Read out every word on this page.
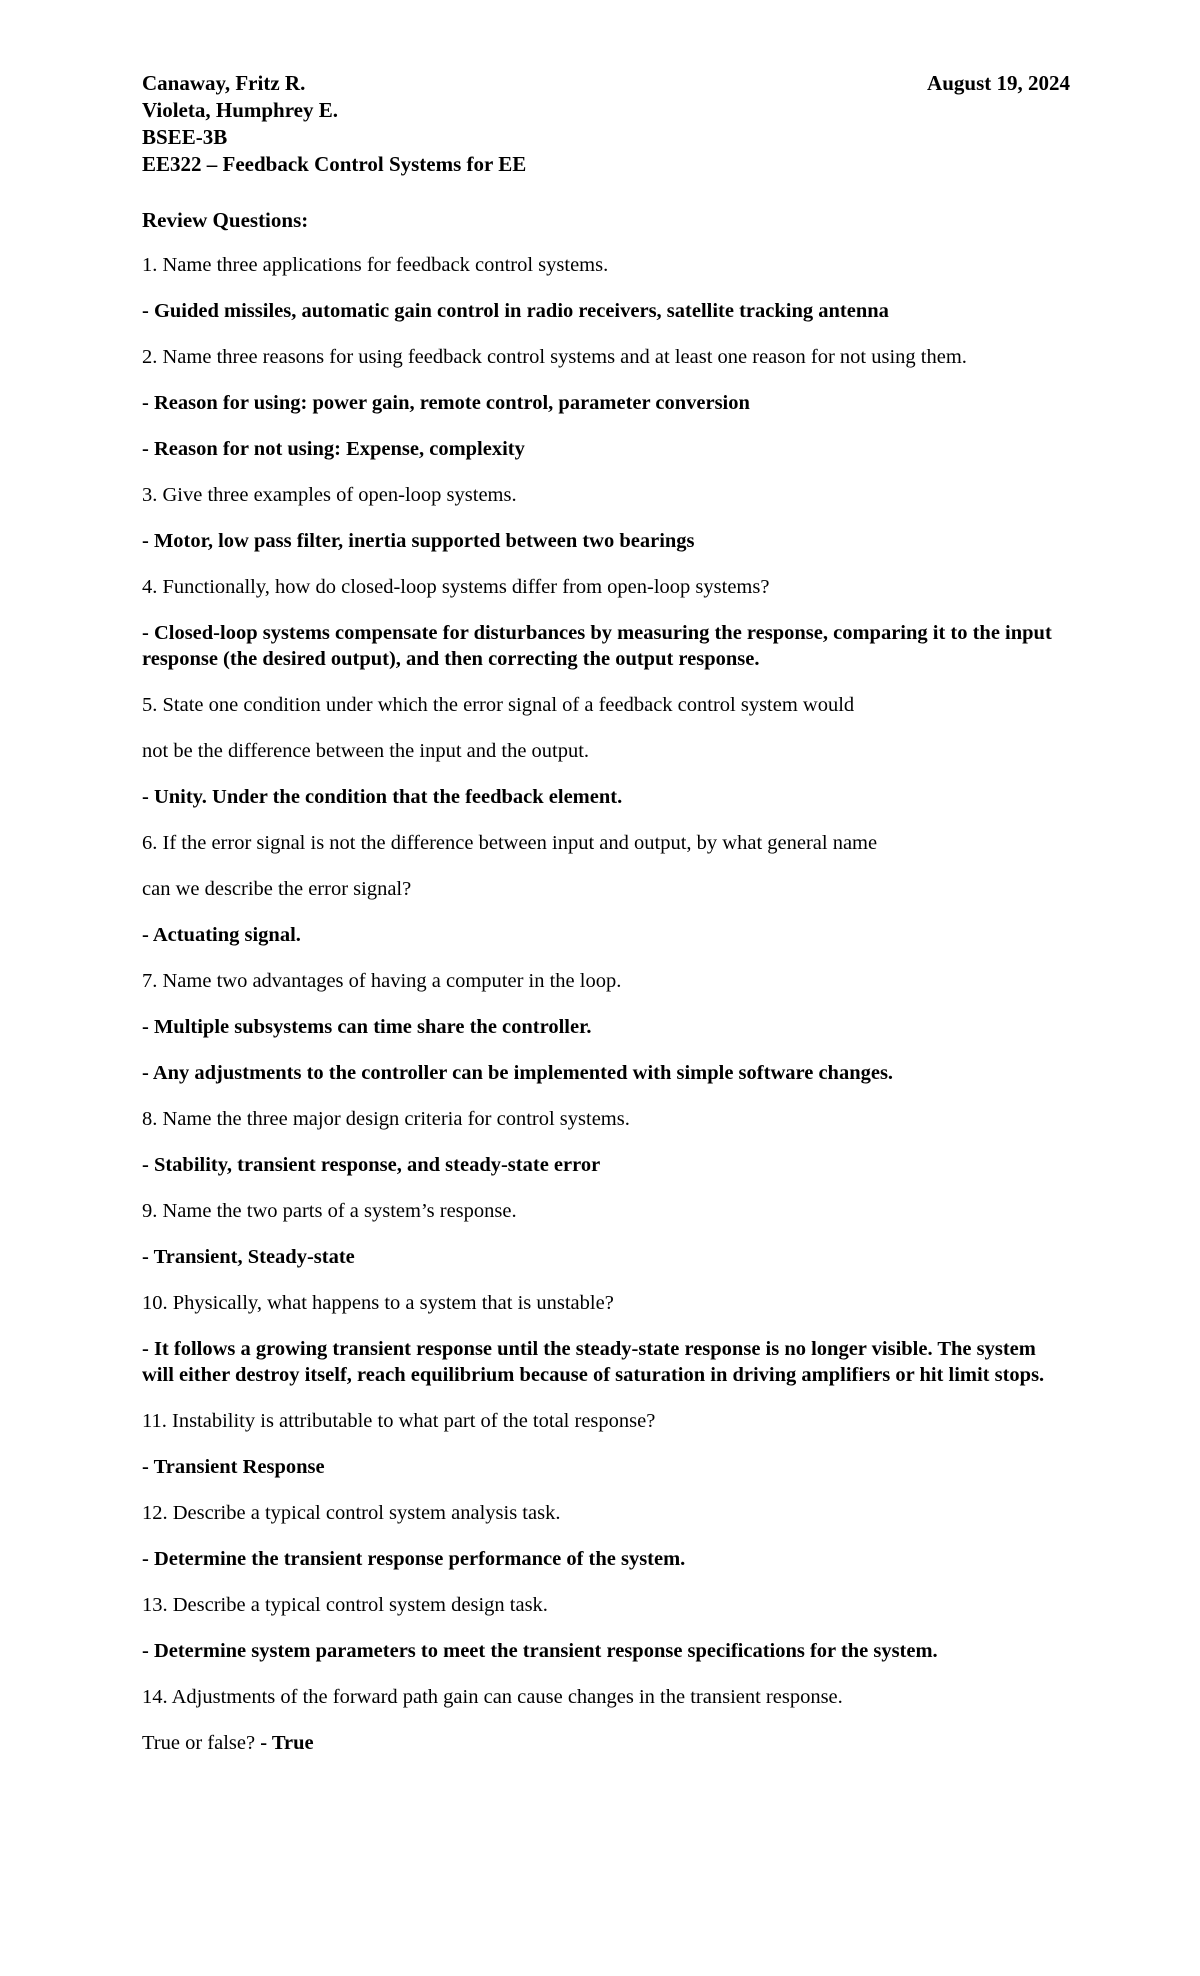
Canaway, Fritz R.
Violeta, Humphrey E.
BSEE-3B
EE322 – Feedback Control Systems for EE
August 19, 2024
Review Questions:
1. Name three applications for feedback control systems.
- Guided missiles, automatic gain control in radio receivers, satellite tracking antenna
2. Name three reasons for using feedback control systems and at least one reason for not using them.
- Reason for using: power gain, remote control, parameter conversion
- Reason for not using: Expense, complexity
3. Give three examples of open-loop systems.
- Motor, low pass filter, inertia supported between two bearings
4. Functionally, how do closed-loop systems differ from open-loop systems?
- Closed-loop systems compensate for disturbances by measuring the response, comparing it to the input response (the desired output), and then correcting the output response.
5. State one condition under which the error signal of a feedback control system would
not be the difference between the input and the output.
- Unity. Under the condition that the feedback element.
6. If the error signal is not the difference between input and output, by what general name
can we describe the error signal?
- Actuating signal.
7. Name two advantages of having a computer in the loop.
- Multiple subsystems can time share the controller.
- Any adjustments to the controller can be implemented with simple software changes.
8. Name the three major design criteria for control systems.
- Stability, transient response, and steady-state error
9. Name the two parts of a system’s response.
- Transient, Steady-state
10. Physically, what happens to a system that is unstable?
- It follows a growing transient response until the steady-state response is no longer visible. The system will either destroy itself, reach equilibrium because of saturation in driving amplifiers or hit limit stops.
11. Instability is attributable to what part of the total response?
- Transient Response
12. Describe a typical control system analysis task.
- Determine the transient response performance of the system.
13. Describe a typical control system design task.
- Determine system parameters to meet the transient response specifications for the system.
14. Adjustments of the forward path gain can cause changes in the transient response.
True or false? - True
